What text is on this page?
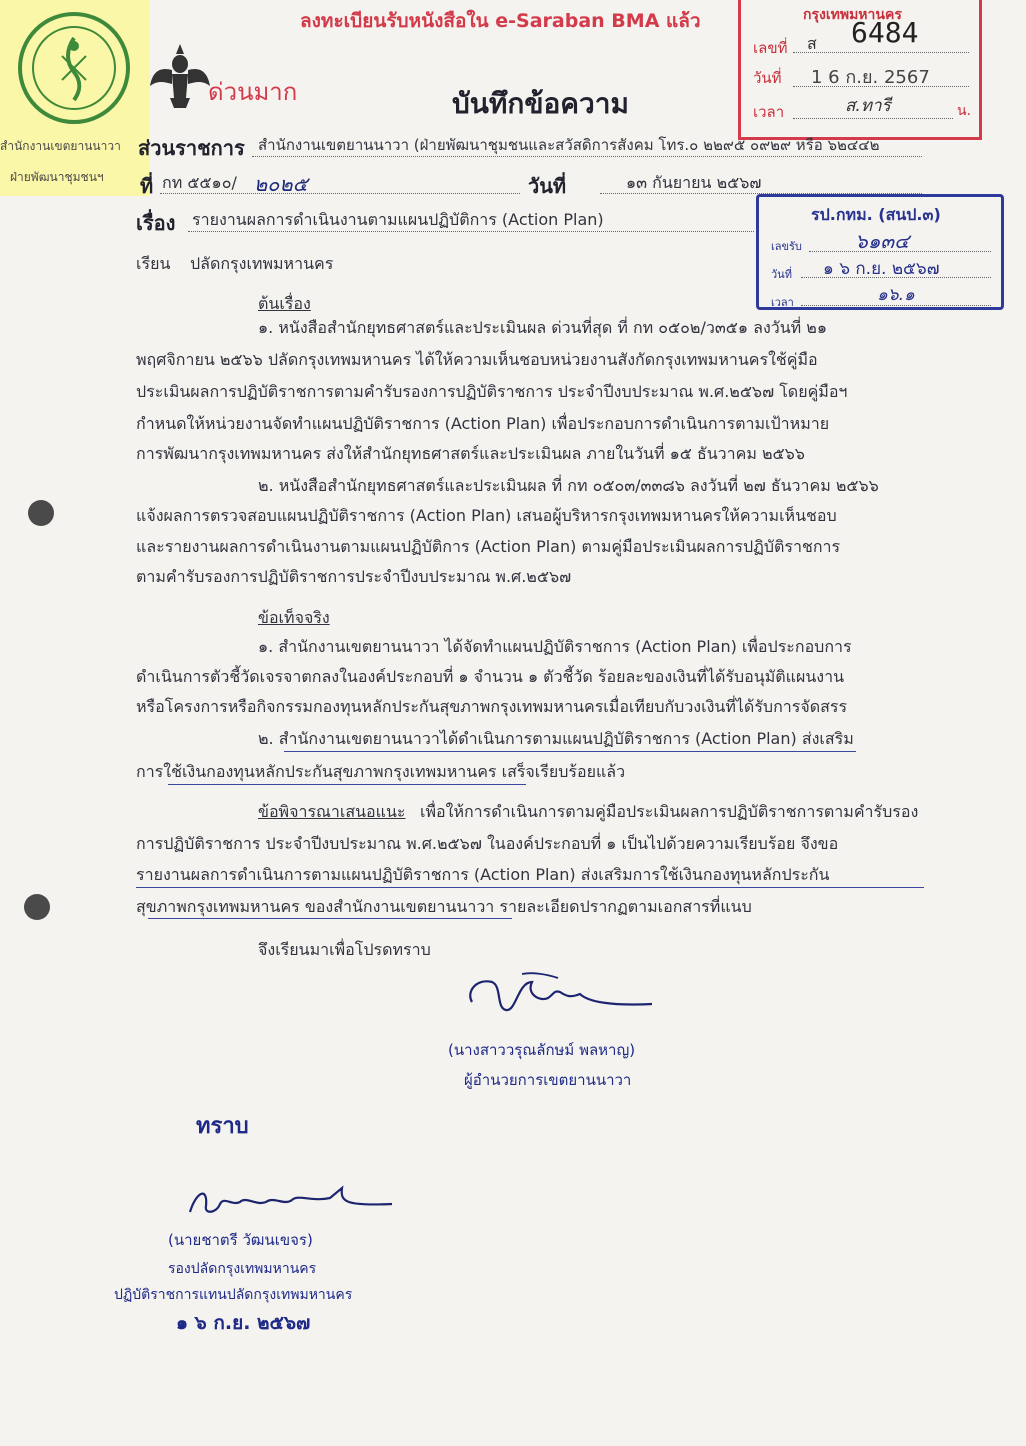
ลงทะเบียนรับหนังสือใน e-Saraban BMA แล้ว
สำนักงานเขตยานนาวา
ฝ่ายพัฒนาชุมชนฯ
ด่วนมาก	บันทึกข้อความ
กรุงเทพมหานคร
เลขที่ ส 6484
วันที่ 1 6 ก.ย. 2567
เวลา	ส.ทารี	น.
ส่วนราชการ สำนักงานเขตยานนาวา (ฝ่ายพัฒนาชุมชนและสวัสดิการสังคม โทร.๐ ๒๒๙๕ ๐๙๒๙ หรือ ๖๒๔๔๒
ที่ กท ๕๕๑๐/ ๒๐๒๕	วันที่	๑๓ กันยายน ๒๕๖๗
เรื่อง รายงานผลการดำเนินงานตามแผนปฏิบัติการ (Action Plan)	รป.กทม. (สนป.๓)
เลขรับ	๖๑๓๔
วันที่ ๑ ๖ ก.ย. ๒๕๖๗
เวลา	๑๖.๑
เรียน ปลัดกรุงเทพมหานคร
ต้นเรื่อง
๑. หนังสือสำนักยุทธศาสตร์และประเมินผล ด่วนที่สุด ที่ กท ๐๕๐๒/ว๓๕๑ ลงวันที่ ๒๑
พฤศจิกายน ๒๕๖๖ ปลัดกรุงเทพมหานคร ได้ให้ความเห็นชอบหน่วยงานสังกัดกรุงเทพมหานครใช้คู่มือ
ประเมินผลการปฏิบัติราชการตามคำรับรองการปฏิบัติราชการ ประจำปีงบประมาณ พ.ศ.๒๕๖๗ โดยคู่มือฯ
กำหนดให้หน่วยงานจัดทำแผนปฏิบัติราชการ (Action Plan) เพื่อประกอบการดำเนินการตามเป้าหมาย
การพัฒนากรุงเทพมหานคร ส่งให้สำนักยุทธศาสตร์และประเมินผล ภายในวันที่ ๑๕ ธันวาคม ๒๕๖๖
๒. หนังสือสำนักยุทธศาสตร์และประเมินผล ที่ กท ๐๕๐๓/๓๓๘๖ ลงวันที่ ๒๗ ธันวาคม ๒๕๖๖
แจ้งผลการตรวจสอบแผนปฏิบัติราชการ (Action Plan) เสนอผู้บริหารกรุงเทพมหานครให้ความเห็นชอบ
และรายงานผลการดำเนินงานตามแผนปฏิบัติการ (Action Plan) ตามคู่มือประเมินผลการปฏิบัติราชการ
ตามคำรับรองการปฏิบัติราชการประจำปีงบประมาณ พ.ศ.๒๕๖๗
ข้อเท็จจริง
๑. สำนักงานเขตยานนาวา ได้จัดทำแผนปฏิบัติราชการ (Action Plan) เพื่อประกอบการ
ดำเนินการตัวชี้วัดเจรจาตกลงในองค์ประกอบที่ ๑ จำนวน ๑ ตัวชี้วัด ร้อยละของเงินที่ได้รับอนุมัติแผนงาน
หรือโครงการหรือกิจกรรมกองทุนหลักประกันสุขภาพกรุงเทพมหานครเมื่อเทียบกับวงเงินที่ได้รับการจัดสรร
๒. สำนักงานเขตยานนาวาได้ดำเนินการตามแผนปฏิบัติราชการ (Action Plan) ส่งเสริม
การใช้เงินกองทุนหลักประกันสุขภาพกรุงเทพมหานคร เสร็จเรียบร้อยแล้ว
ข้อพิจารณาเสนอแนะ เพื่อให้การดำเนินการตามคู่มือประเมินผลการปฏิบัติราชการตามคำรับรอง
การปฏิบัติราชการ ประจำปีงบประมาณ พ.ศ.๒๕๖๗ ในองค์ประกอบที่ ๑ เป็นไปด้วยความเรียบร้อย จึงขอ
รายงานผลการดำเนินการตามแผนปฏิบัติราชการ (Action Plan) ส่งเสริมการใช้เงินกองทุนหลักประกัน
สุขภาพกรุงเทพมหานคร ของสำนักงานเขตยานนาวา รายละเอียดปรากฏตามเอกสารที่แนบ
จึงเรียนมาเพื่อโปรดทราบ
(นางสาววรุณลักษม์ พลหาญ)
ผู้อำนวยการเขตยานนาวา
ทราบ
(นายชาตรี วัฒนเขจร)
รองปลัดกรุงเทพมหานคร
ปฏิบัติราชการแทนปลัดกรุงเทพมหานคร
๑ ๖ ก.ย. ๒๕๖๗
